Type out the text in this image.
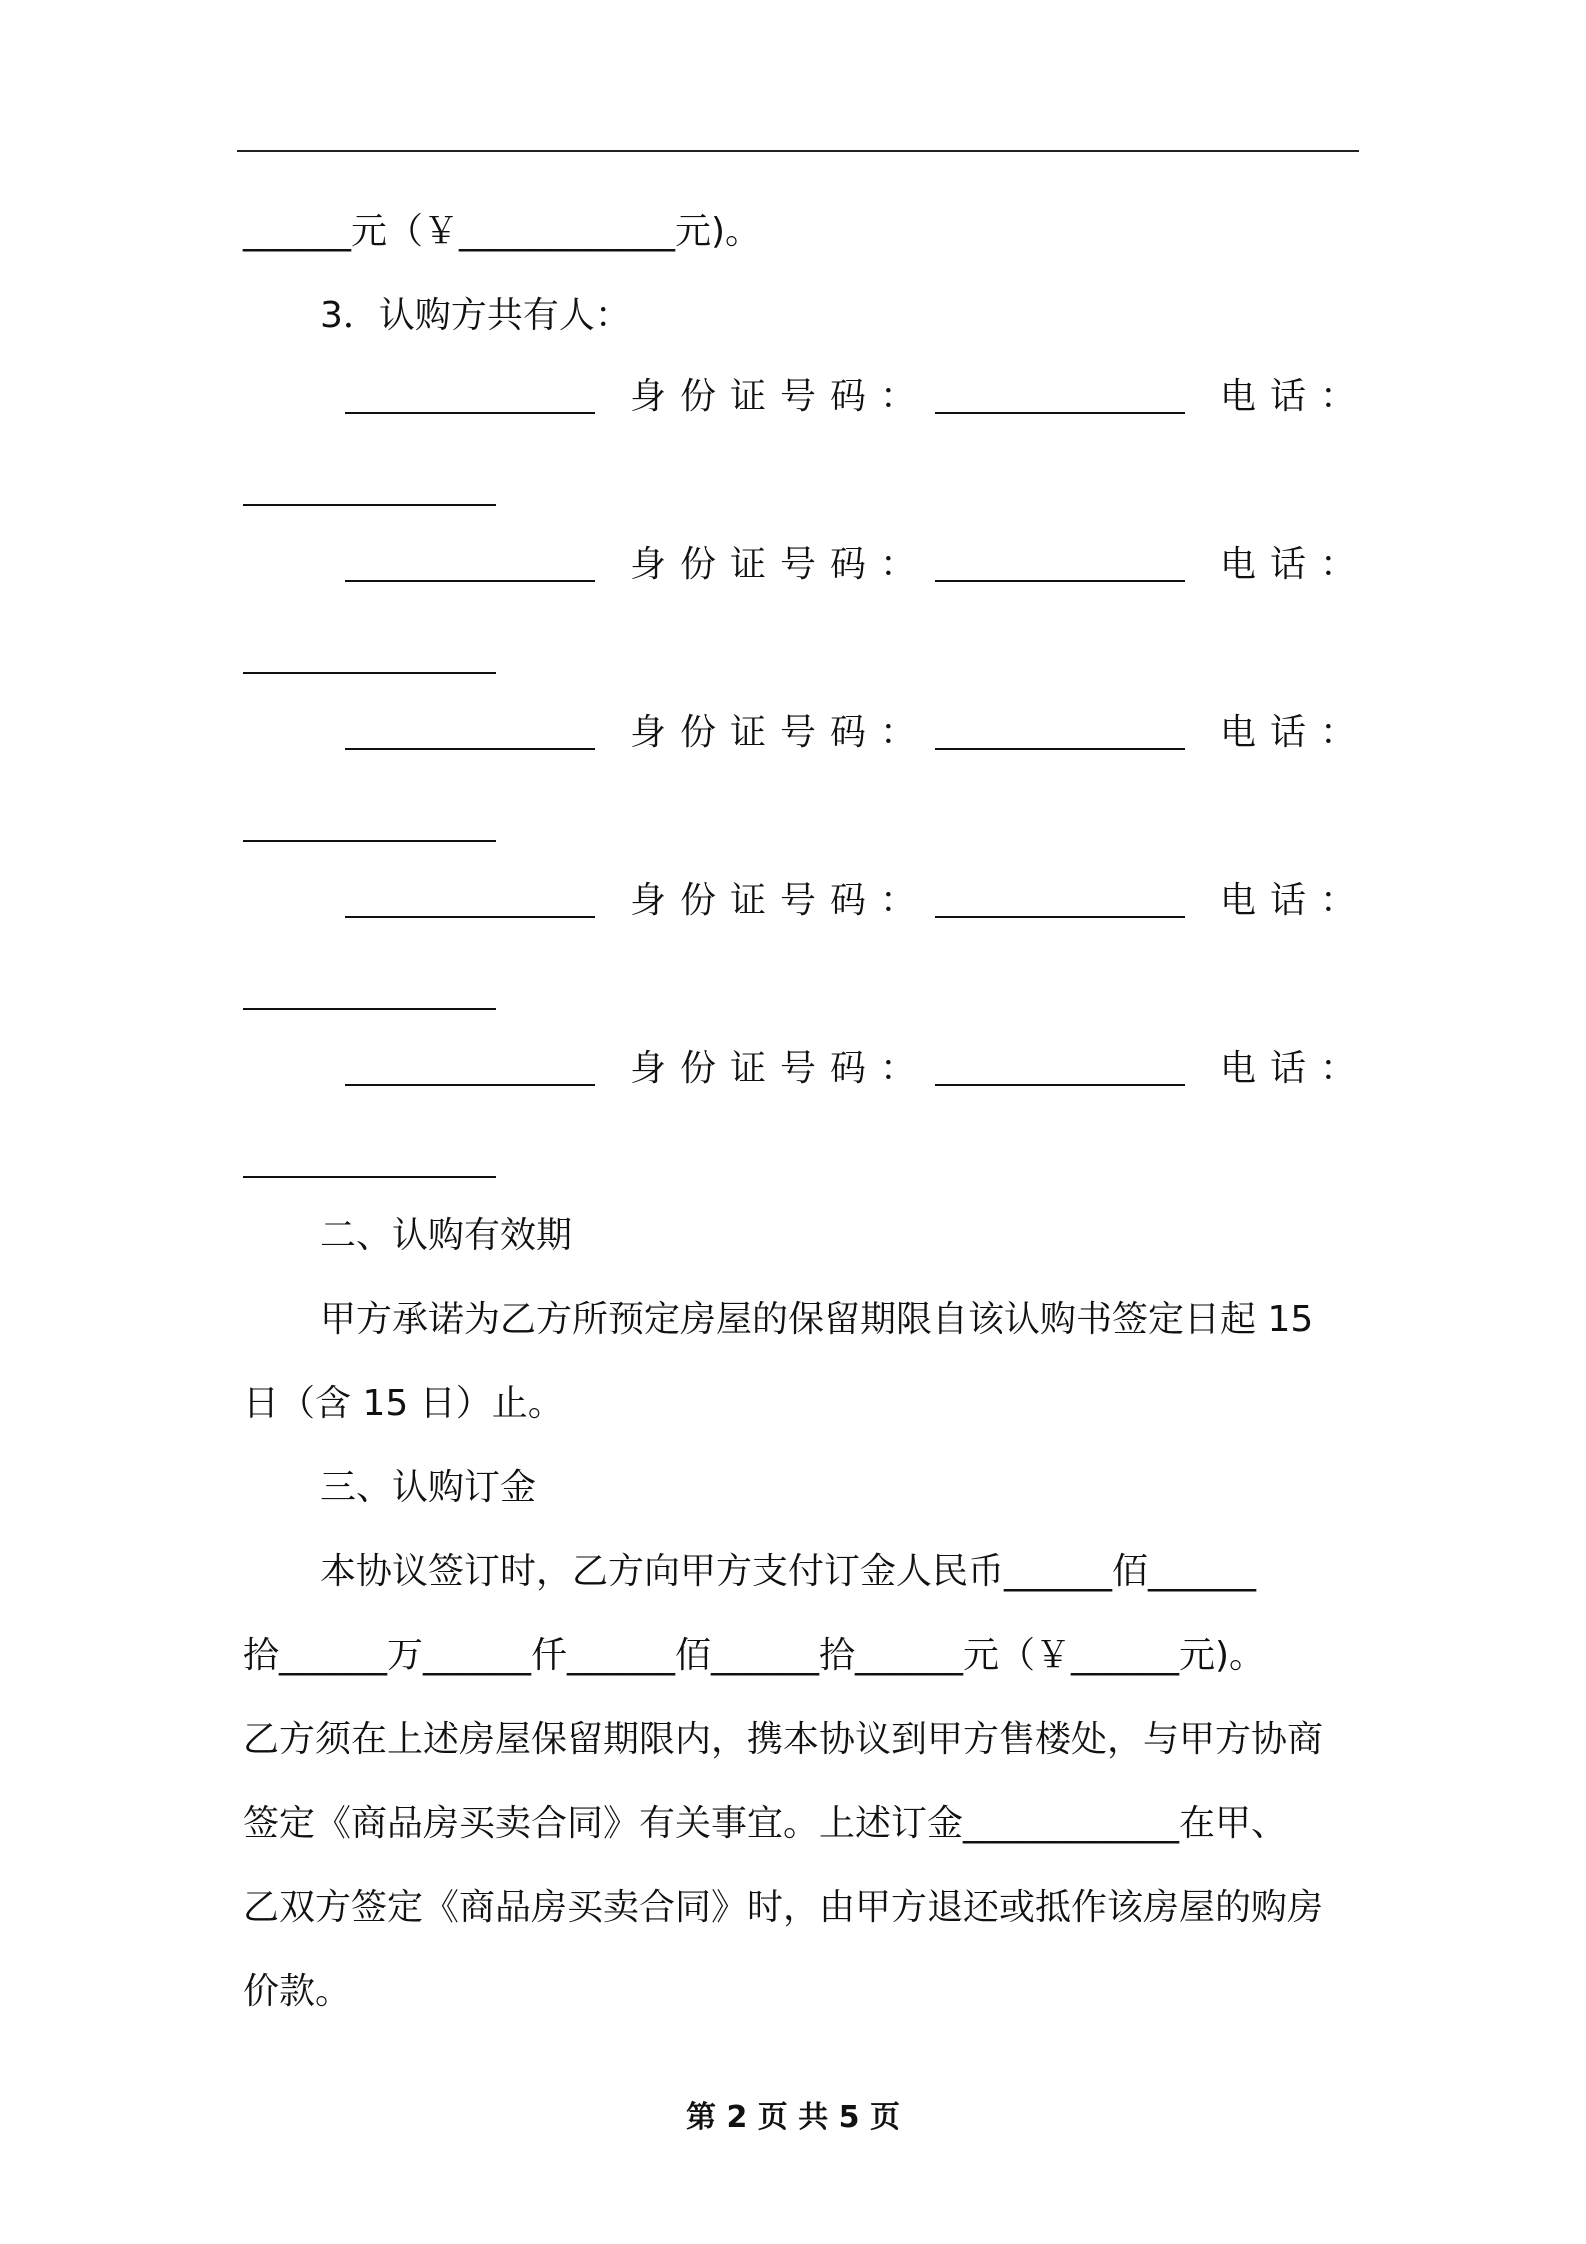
______元（￥____________元)。
3．认购方共有人：
身份证号码：	电话：
身份证号码：	电话：
身份证号码：	电话：
身份证号码：	电话：
身份证号码：	电话：
二、认购有效期
甲方承诺为乙方所预定房屋的保留期限自该认购书签定日起 15
日（含 15 日）止。
三、认购订金
本协议签订时，乙方向甲方支付订金人民币______佰______
拾______万______仟______佰______拾______元（￥______元)。
乙方须在上述房屋保留期限内，携本协议到甲方售楼处，与甲方协商
签定《商品房买卖合同》有关事宜。上述订金____________在甲、
乙双方签定《商品房买卖合同》时，由甲方退还或抵作该房屋的购房
价款。
第 2 页 共 5 页
